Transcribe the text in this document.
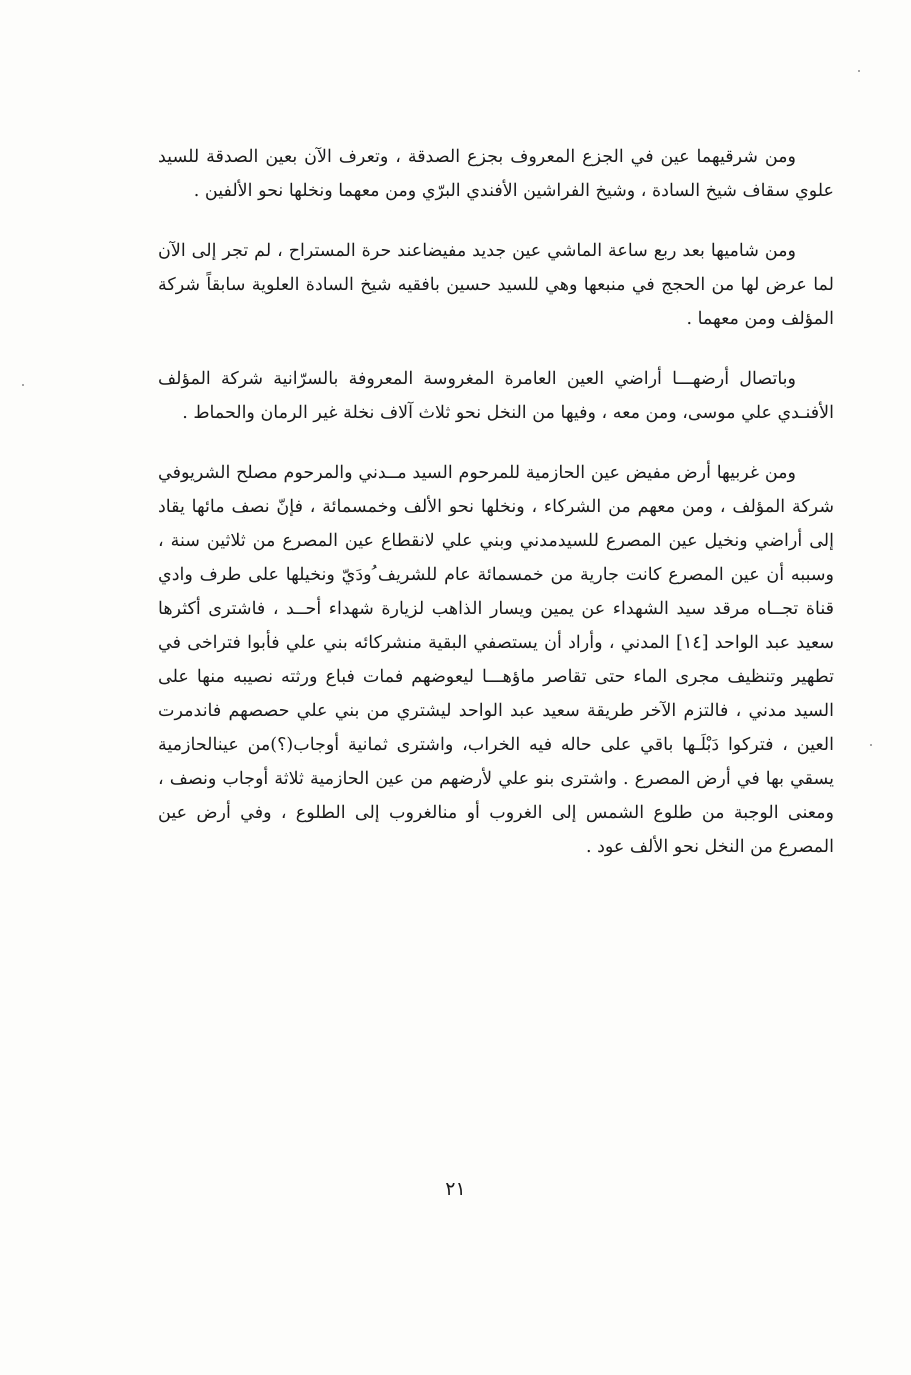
ومن شرقيهما عين في الجزع المعروف بجزع الصدقة ، وتعرف الآن بعين الصدقة للسيد علوي سقاف شيخ السادة ، وشيخ الفراشين الأفندي البرّي ومن معهما ونخلها نحو الألفين .

ومن شاميها بعد ربع ساعة الماشي عين جديد مفيضاعند حرة المستراح ، لم تجر إلى الآن لما عرض لها من الحجج في منبعها وهي للسيد حسين بافقيه شيخ السادة العلوية سابقاً شركة المؤلف ومن معهما .

وباتصال أرضهـــا أراضي العين العامرة المغروسة المعروفة بالسرّانية شركة المؤلف الأفنـدي علي موسى، ومن معه ، وفيها من النخل نحو ثلاث آلاف نخلة غير الرمان والحماط .

ومن غربيها أرض مفيض عين الحازمية للمرحوم السيد مــدني والمرحوم مصلح الشريوفي شركة المؤلف ، ومن معهم من الشركاء ، ونخلها نحو الألف وخمسمائة ، فإنّ نصف مائها يقاد إلى أراضي ونخيل عين المصرع للسيدمدني وبني علي لانقطاع عين المصرع من ثلاثين سنة ، وسببه أن عين المصرع كانت جارية من خمسمائة عام للشريف ُودَيّ ونخيلها على طرف وادي قناة تجــاه مرقد سيد الشهداء عن يمين ويسار الذاهب لزيارة شهداء أحــد ، فاشترى أكثرها سعيد عبد الواحد [١٤] المدني ، وأراد أن يستصفي البقية منشركائه بني علي فأبوا فتراخى في تطهير وتنظيف مجرى الماء حتى تقاصر ماؤهـــا ليعوضهم فمات فباع ورثته نصيبه منها على السيد مدني ، فالتزم الآخر طريقة سعيد عبد الواحد ليشتري من بني علي حصصهم فاندمرت العين ، فتركوا دَبْلَـها باقي على حاله فيه الخراب، واشترى ثمانية أوجاب(؟)من عينالحازمية يسقي بها في أرض المصرع . واشترى بنو علي لأرضهم من عين الحازمية ثلاثة أوجاب ونصف ، ومعنى الوجبة من طلوع الشمس إلى الغروب أو منالغروب إلى الطلوع ، وفي أرض عين المصرع من النخل نحو الألف عود .

٢١
